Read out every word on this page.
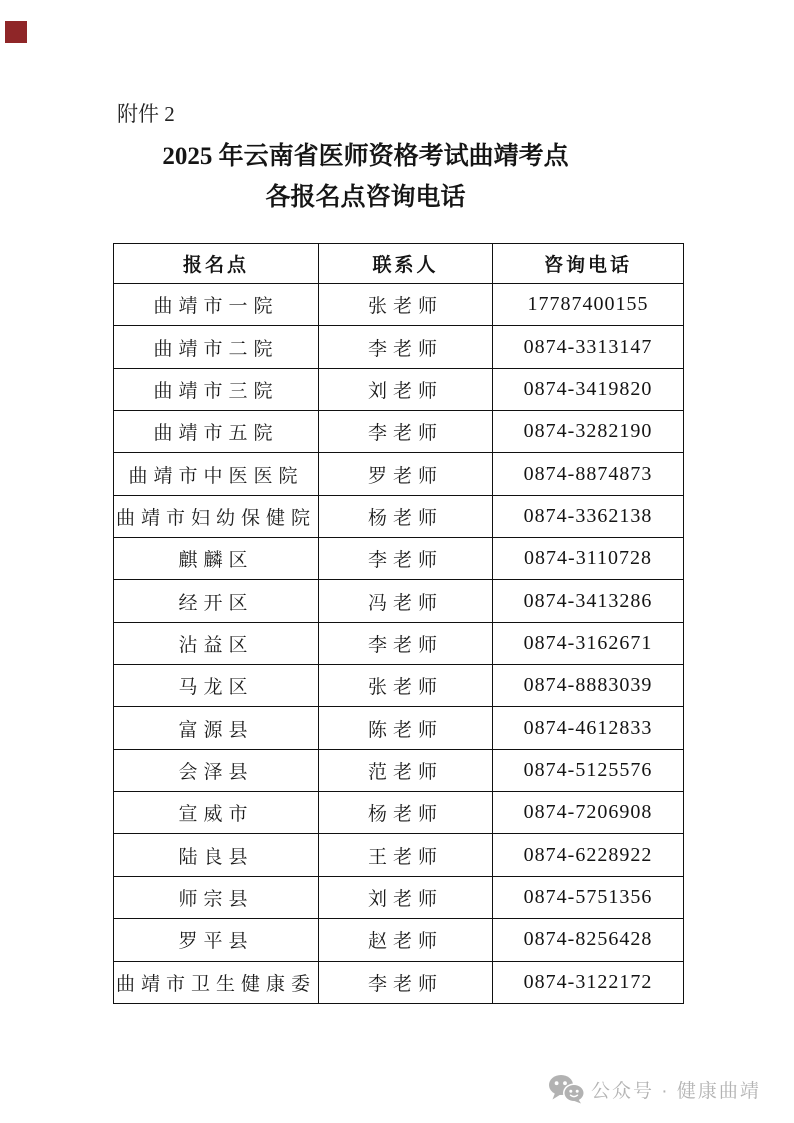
附件 2
2025 年云南省医师资格考试曲靖考点
各报名点咨询电话
报名点	联系人	咨询电话
曲靖市一院	张老师	17787400155
曲靖市二院	李老师	0874-3313147
曲靖市三院	刘老师	0874-3419820
曲靖市五院	李老师	0874-3282190
曲靖市中医医院	罗老师	0874-8874873
曲靖市妇幼保健院	杨老师	0874-3362138
麒麟区	李老师	0874-3110728
经开区	冯老师	0874-3413286
沾益区	李老师	0874-3162671
马龙区	张老师	0874-8883039
富源县	陈老师	0874-4612833
会泽县	范老师	0874-5125576
宣威市	杨老师	0874-7206908
陆良县	王老师	0874-6228922
师宗县	刘老师	0874-5751356
罗平县	赵老师	0874-8256428
曲靖市卫生健康委	李老师	0874-3122172
公众号 · 健康曲靖
